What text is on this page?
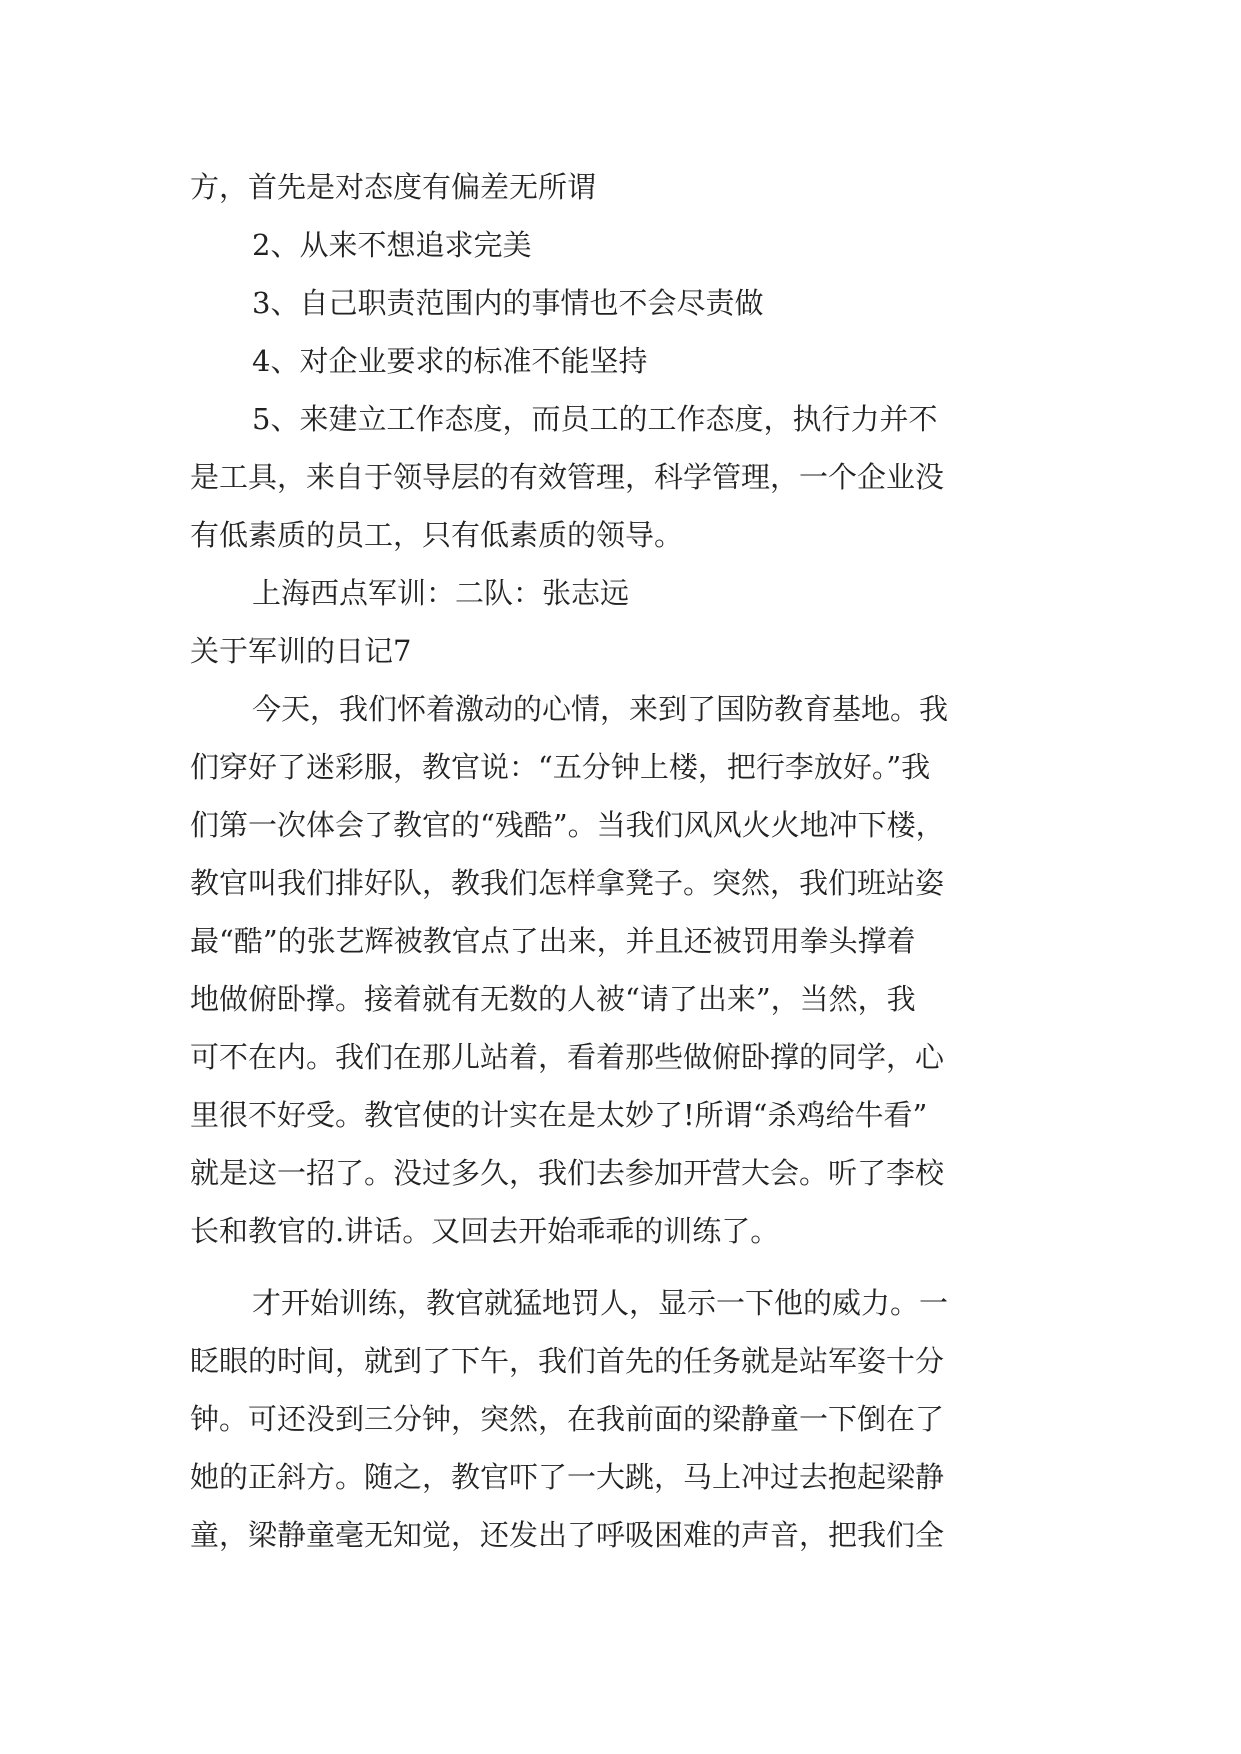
方，首先是对态度有偏差无所谓
2、从来不想追求完美
3、自己职责范围内的事情也不会尽责做
4、对企业要求的标准不能坚持
5、来建立工作态度，而员工的工作态度，执行力并不
是工具，来自于领导层的有效管理，科学管理，一个企业没
有低素质的员工，只有低素质的领导。
上海西点军训：二队：张志远
关于军训的日记7
今天，我们怀着激动的心情，来到了国防教育基地。我
们穿好了迷彩服，教官说：“五分钟上楼，把行李放好。”我
们第一次体会了教官的“残酷”。当我们风风火火地冲下楼，
教官叫我们排好队，教我们怎样拿凳子。突然，我们班站姿
最“酷”的张艺辉被教官点了出来，并且还被罚用拳头撑着
地做俯卧撑。接着就有无数的人被“请了出来”，当然，我
可不在内。我们在那儿站着，看着那些做俯卧撑的同学，心
里很不好受。教官使的计实在是太妙了!所谓“杀鸡给牛看”
就是这一招了。没过多久，我们去参加开营大会。听了李校
长和教官的.讲话。又回去开始乖乖的训练了。
才开始训练，教官就猛地罚人，显示一下他的威力。一
眨眼的时间，就到了下午，我们首先的任务就是站军姿十分
钟。可还没到三分钟，突然，在我前面的梁静童一下倒在了
她的正斜方。随之，教官吓了一大跳，马上冲过去抱起梁静
童，梁静童毫无知觉，还发出了呼吸困难的声音，把我们全
